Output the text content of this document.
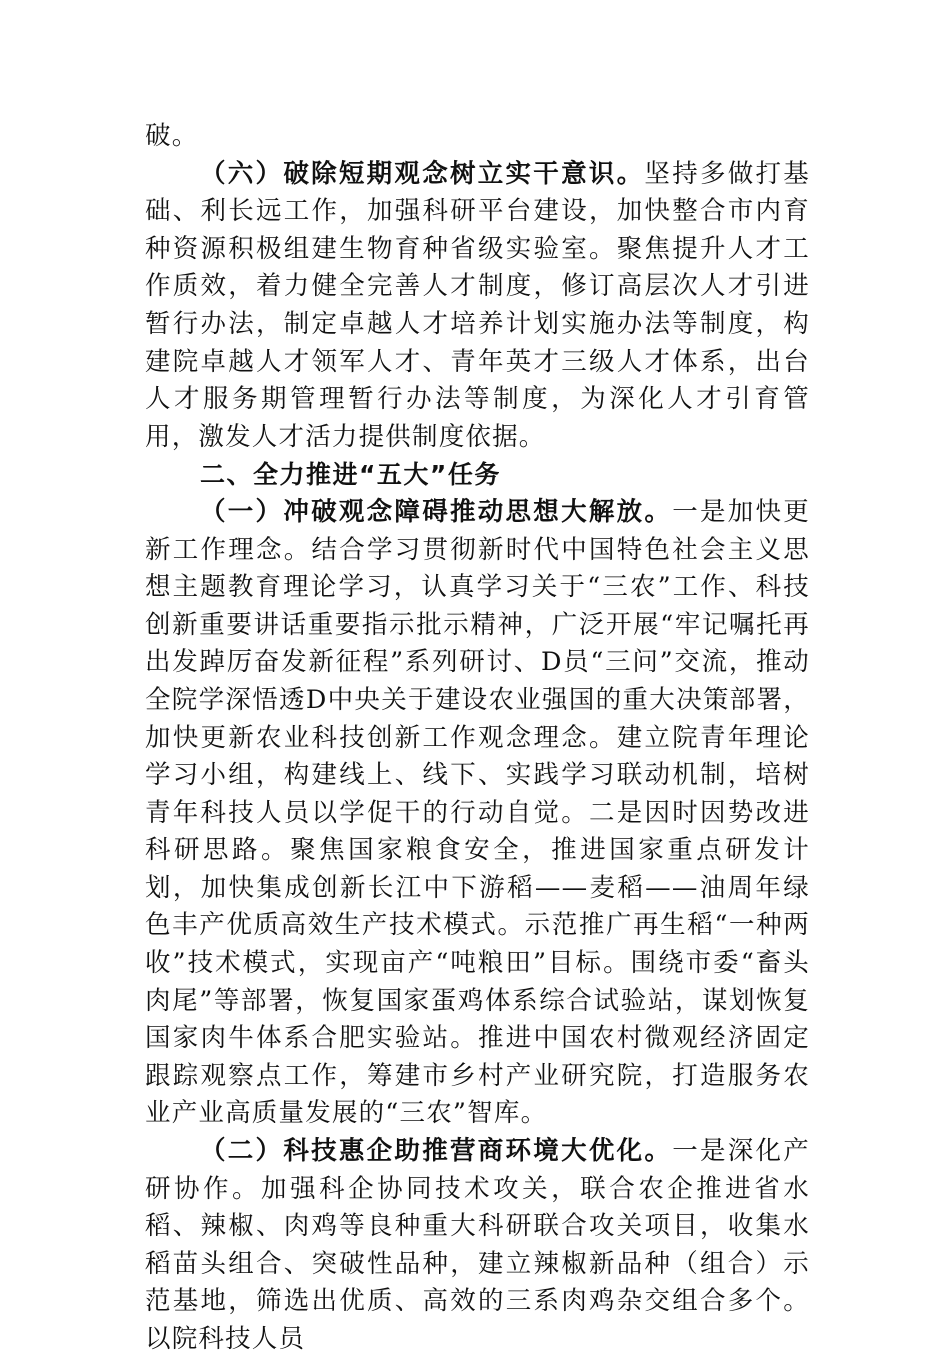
破。

（六）破除短期观念树立实干意识。坚持多做打基础、利长远工作，加强科研平台建设，加快整合市内育种资源积极组建生物育种省级实验室。聚焦提升人才工作质效，着力健全完善人才制度，修订高层次人才引进暂行办法，制定卓越人才培养计划实施办法等制度，构建院卓越人才领军人才、青年英才三级人才体系，出台人才服务期管理暂行办法等制度，为深化人才引育管用，激发人才活力提供制度依据。

二、全力推进“五大”任务

（一）冲破观念障碍推动思想大解放。一是加快更新工作理念。结合学习贯彻新时代中国特色社会主义思想主题教育理论学习，认真学习关于“三农”工作、科技创新重要讲话重要指示批示精神，广泛开展“牢记嘱托再出发踔厉奋发新征程”系列研讨、D员“三问”交流，推动全院学深悟透D中央关于建设农业强国的重大决策部署，加快更新农业科技创新工作观念理念。建立院青年理论学习小组，构建线上、线下、实践学习联动机制，培树青年科技人员以学促干的行动自觉。二是因时因势改进科研思路。聚焦国家粮食安全，推进国家重点研发计划，加快集成创新长江中下游稻——麦稻——油周年绿色丰产优质高效生产技术模式。示范推广再生稻“一种两收”技术模式，实现亩产“吨粮田”目标。围绕市委“畜头肉尾”等部署，恢复国家蛋鸡体系综合试验站，谋划恢复国家肉牛体系合肥实验站。推进中国农村微观经济固定跟踪观察点工作，筹建市乡村产业研究院，打造服务农业产业高质量发展的“三农”智库。

（二）科技惠企助推营商环境大优化。一是深化产研协作。加强科企协同技术攻关，联合农企推进省水稻、辣椒、肉鸡等良种重大科研联合攻关项目，收集水稻苗头组合、突破性品种，建立辣椒新品种（组合）示范基地，筛选出优质、高效的三系肉鸡杂交组合多个。以院科技人员
